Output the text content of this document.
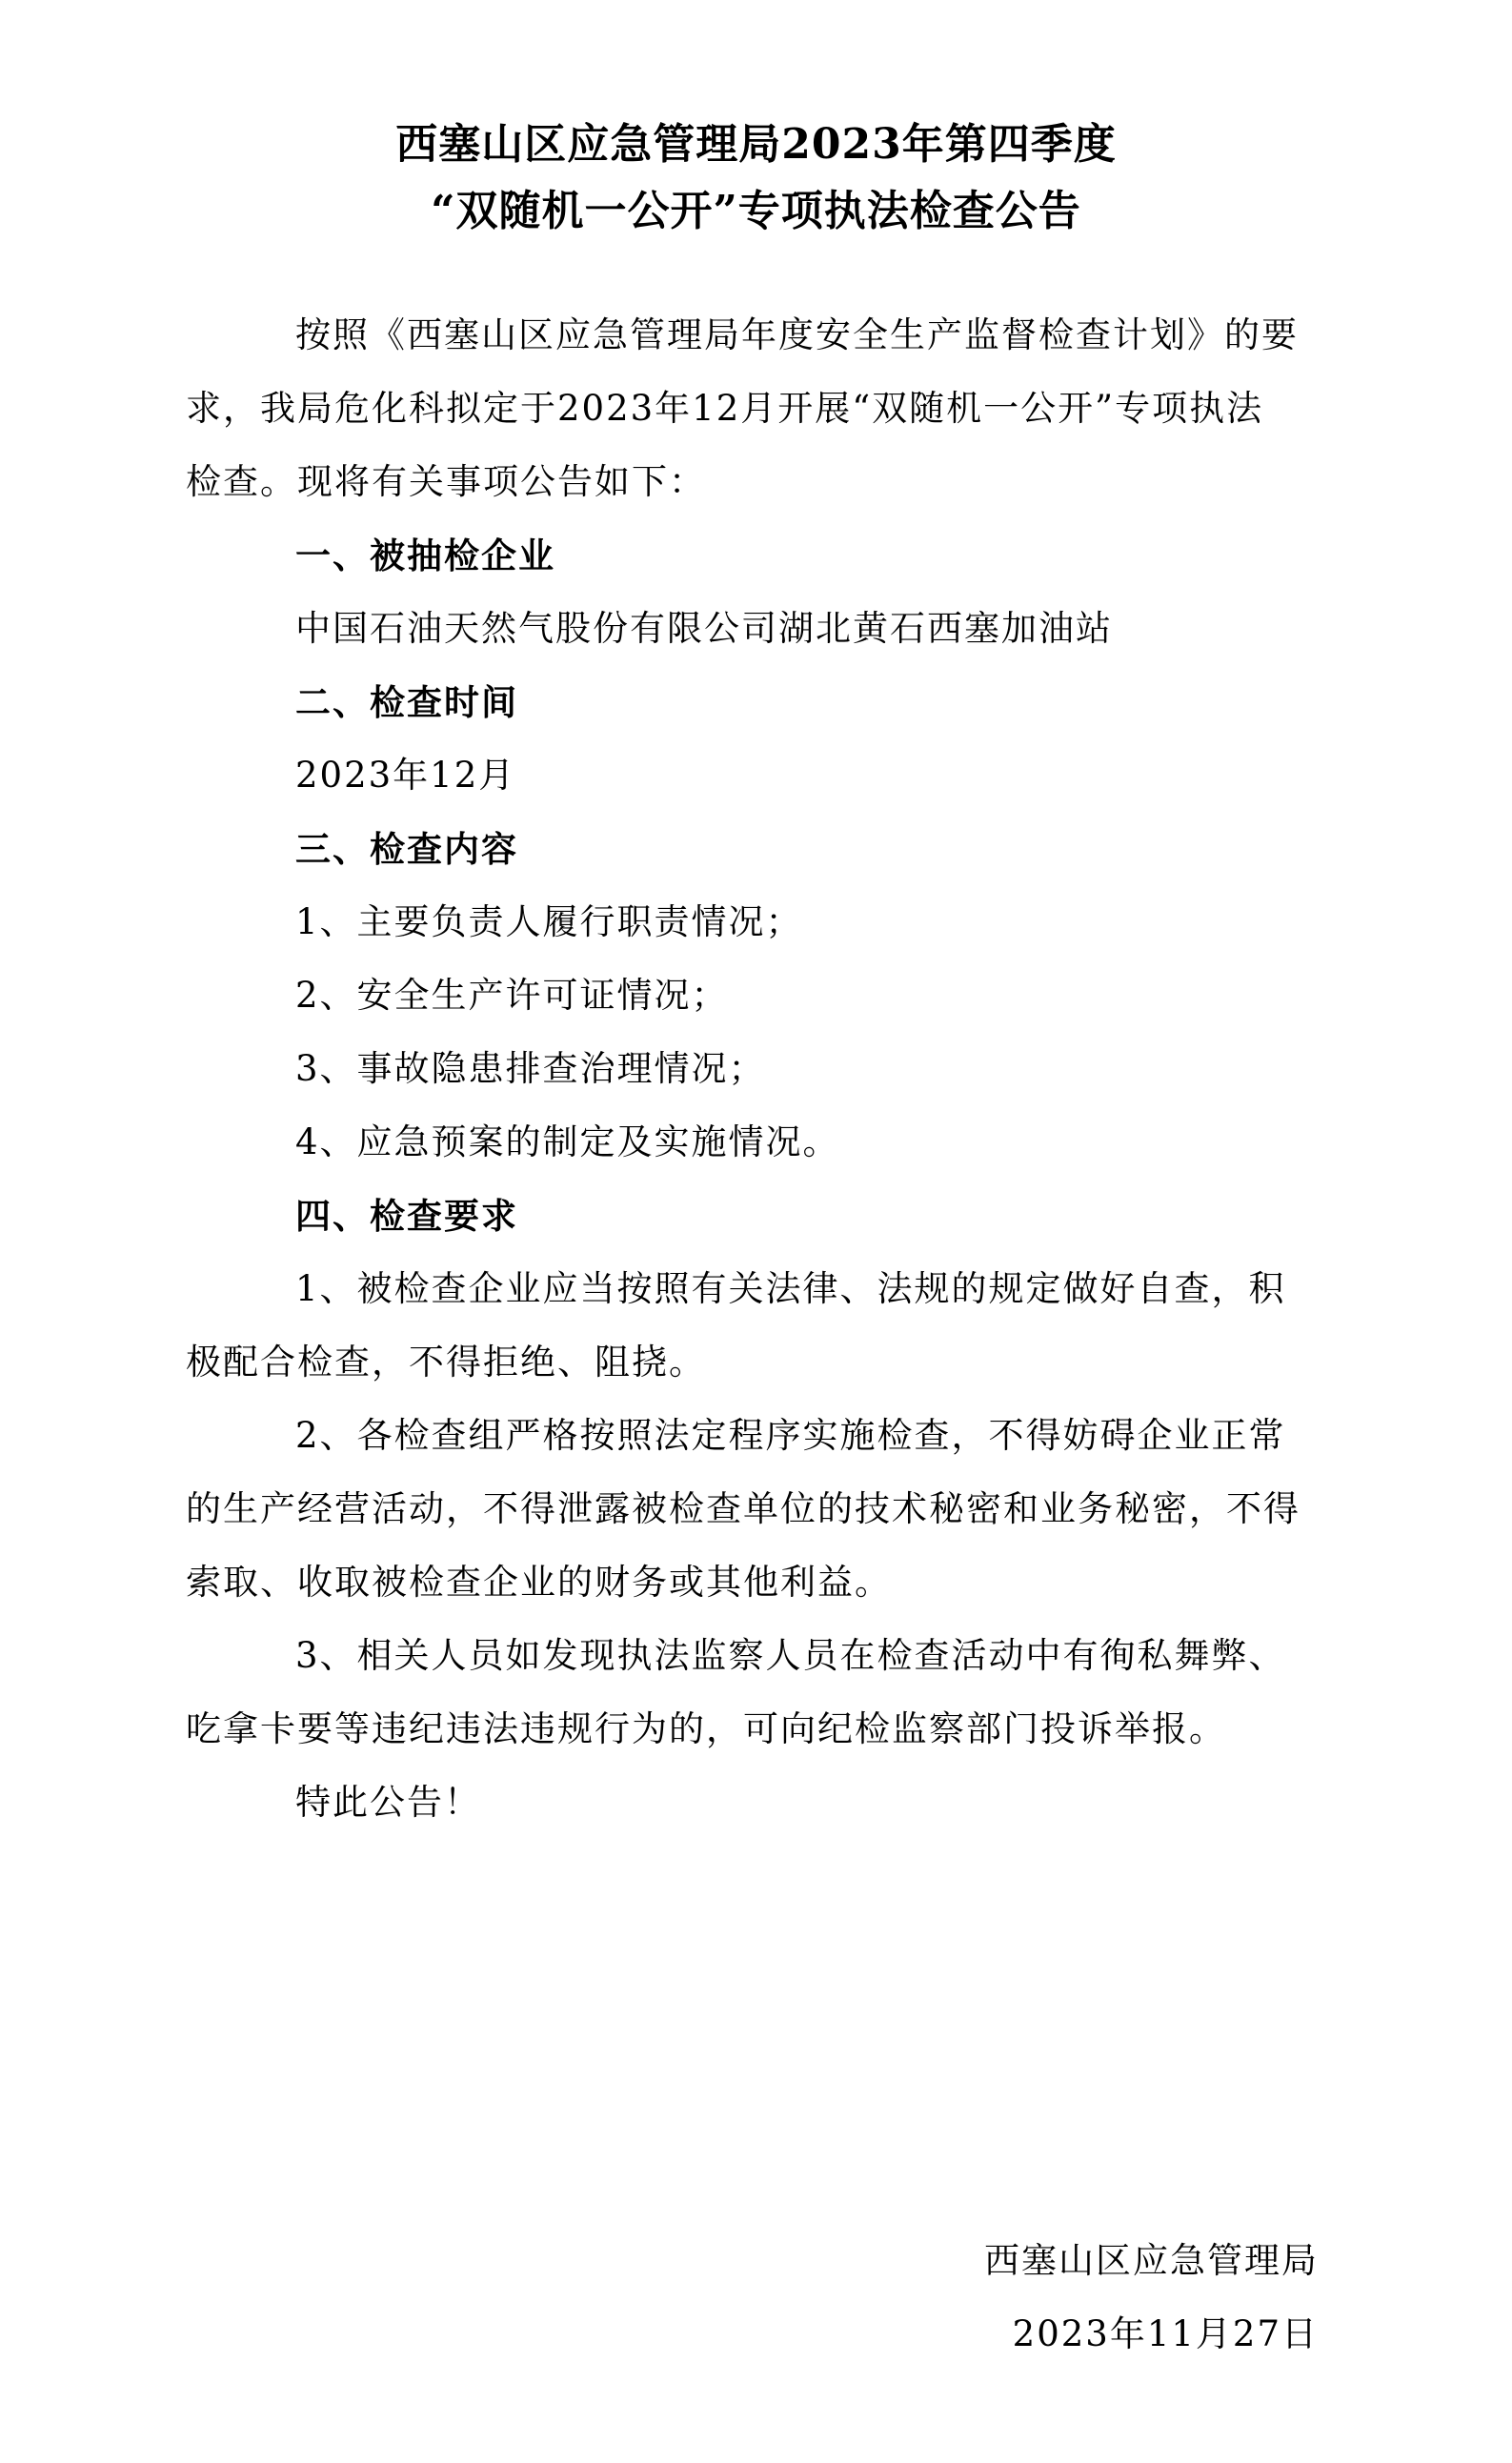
西塞山区应急管理局2023年第四季度
“双随机一公开”专项执法检查公告
按照《西塞山区应急管理局年度安全生产监督检查计划》的要
求，我局危化科拟定于2023年12月开展“双随机一公开”专项执法
检查。现将有关事项公告如下：
一、被抽检企业
中国石油天然气股份有限公司湖北黄石西塞加油站
二、检查时间
2023年12月
三、检查内容
1、主要负责人履行职责情况；
2、安全生产许可证情况；
3、事故隐患排查治理情况；
4、应急预案的制定及实施情况。
四、检查要求
1、被检查企业应当按照有关法律、法规的规定做好自查，积
极配合检查，不得拒绝、阻挠。
2、各检查组严格按照法定程序实施检查，不得妨碍企业正常
的生产经营活动，不得泄露被检查单位的技术秘密和业务秘密，不得
索取、收取被检查企业的财务或其他利益。
3、相关人员如发现执法监察人员在检查活动中有徇私舞弊、
吃拿卡要等违纪违法违规行为的，可向纪检监察部门投诉举报。
特此公告！
西塞山区应急管理局
2023年11月27日
